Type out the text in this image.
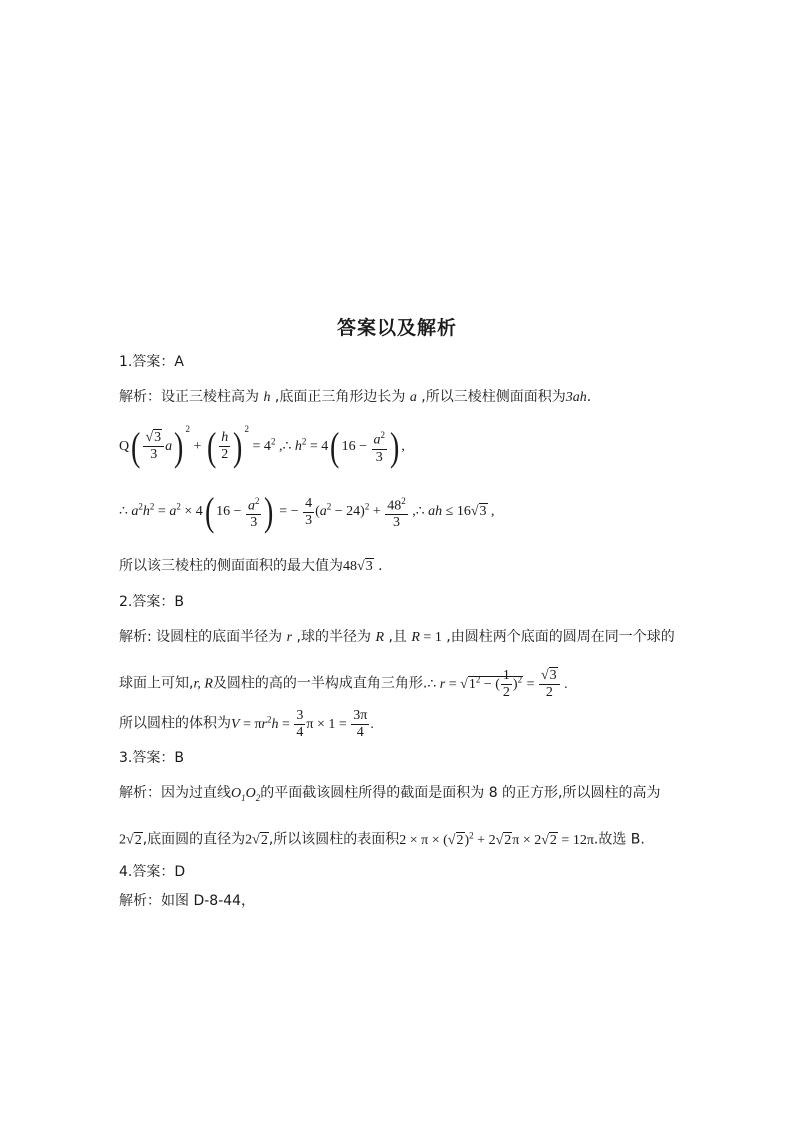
答案以及解析
1.答案：A
解析：设正三棱柱高为 h ,底面正三角形边长为 a ,所以三棱柱侧面面积为3ah.
$Q( \frac{√3}{3} a)$ $^2$ + ( $\frac{h}{2}$ ) $^2 = 4^2$ ,∴ $h^2 = 4$( $16 - \frac{a^2}{3}$ ) ,
∴ $a^2h^2 = a^2 \times 4$( $16 - \frac{a^2}{3}$ ) = − $\frac{4}{3} (a^2 - 24)^2 + \frac{48^2}{3}$ ,∴ ah ≤ 16√3 ,
所以该三棱柱的侧面面积的最大值为48√3 .
2.答案：B
解析: 设圆柱的底面半径为 r ,球的半径为 R ,且 R = 1 ,由圆柱两个底面的圆周在同一个球的
球面上可知,r, R及圆柱的高的一半构成直角三角形.∴ $r = √1^2$ − ( $\frac{1}{2} )^2 = \frac{√3}{2}$ .
所以圆柱的体积为$V = \pi r^2h = \frac{3}{4}$ $\pi \times 1 = \frac{3\pi}{4}$ .
3.答案：B
解析：因为过直线$O_1O_2$的平面截该圆柱所得的截面是面积为 8 的正方形,所以圆柱的高为
2√2,底面圆的直径为2√2,所以该圆柱的表面积$2 \times \pi \times (√2)^2 + 2√2\pi \times 2√2 = 12\pi$.故选 B.
4.答案：D
解析：如图 D-8-44，
